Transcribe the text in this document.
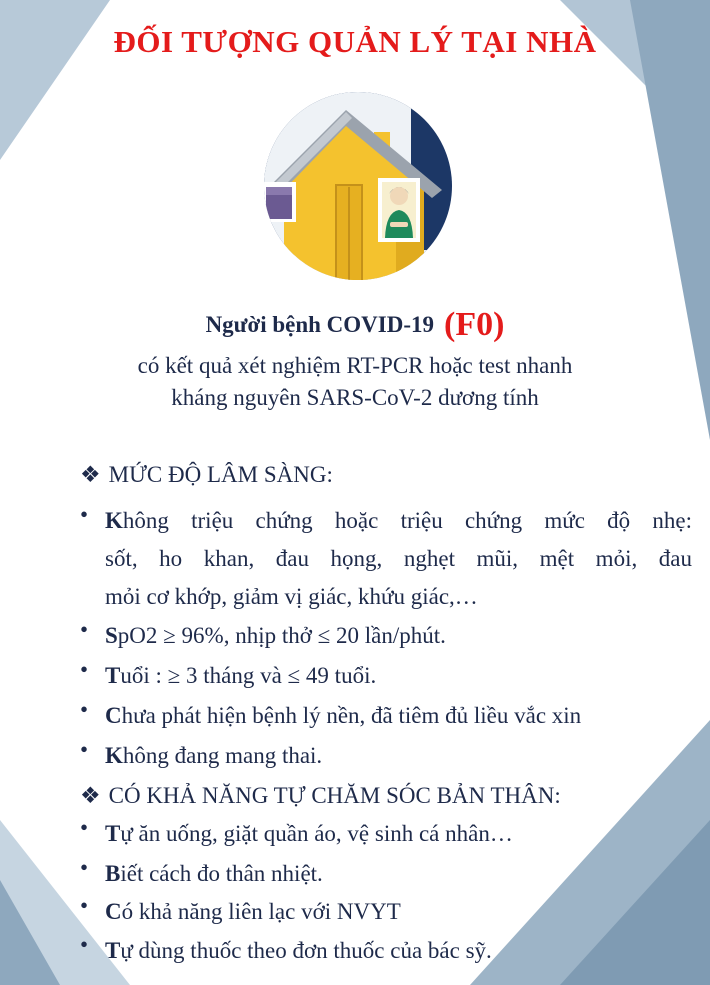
ĐỐI TƯỢNG QUẢN LÝ TẠI NHÀ
Người bệnh COVID-19 (F0)
có kết quả xét nghiệm RT-PCR hoặc test nhanh
kháng nguyên SARS-CoV-2 dương tính
❖ MỨC ĐỘ LÂM SÀNG:
• Không triệu chứng hoặc triệu chứng mức độ nhẹ:
sốt, ho khan, đau họng, nghẹt mũi, mệt mỏi, đau
mỏi cơ khớp, giảm vị giác, khứu giác,…
• SpO2 ≥ 96%, nhịp thở ≤ 20 lần/phút.
• Tuổi : ≥ 3 tháng và ≤ 49 tuổi.
• Chưa phát hiện bệnh lý nền, đã tiêm đủ liều vắc xin
• Không đang mang thai.
❖ CÓ KHẢ NĂNG TỰ CHĂM SÓC BẢN THÂN:
• Tự ăn uống, giặt quần áo, vệ sinh cá nhân…
• Biết cách đo thân nhiệt.
• Có khả năng liên lạc với NVYT
• Tự dùng thuốc theo đơn thuốc của bác sỹ.
